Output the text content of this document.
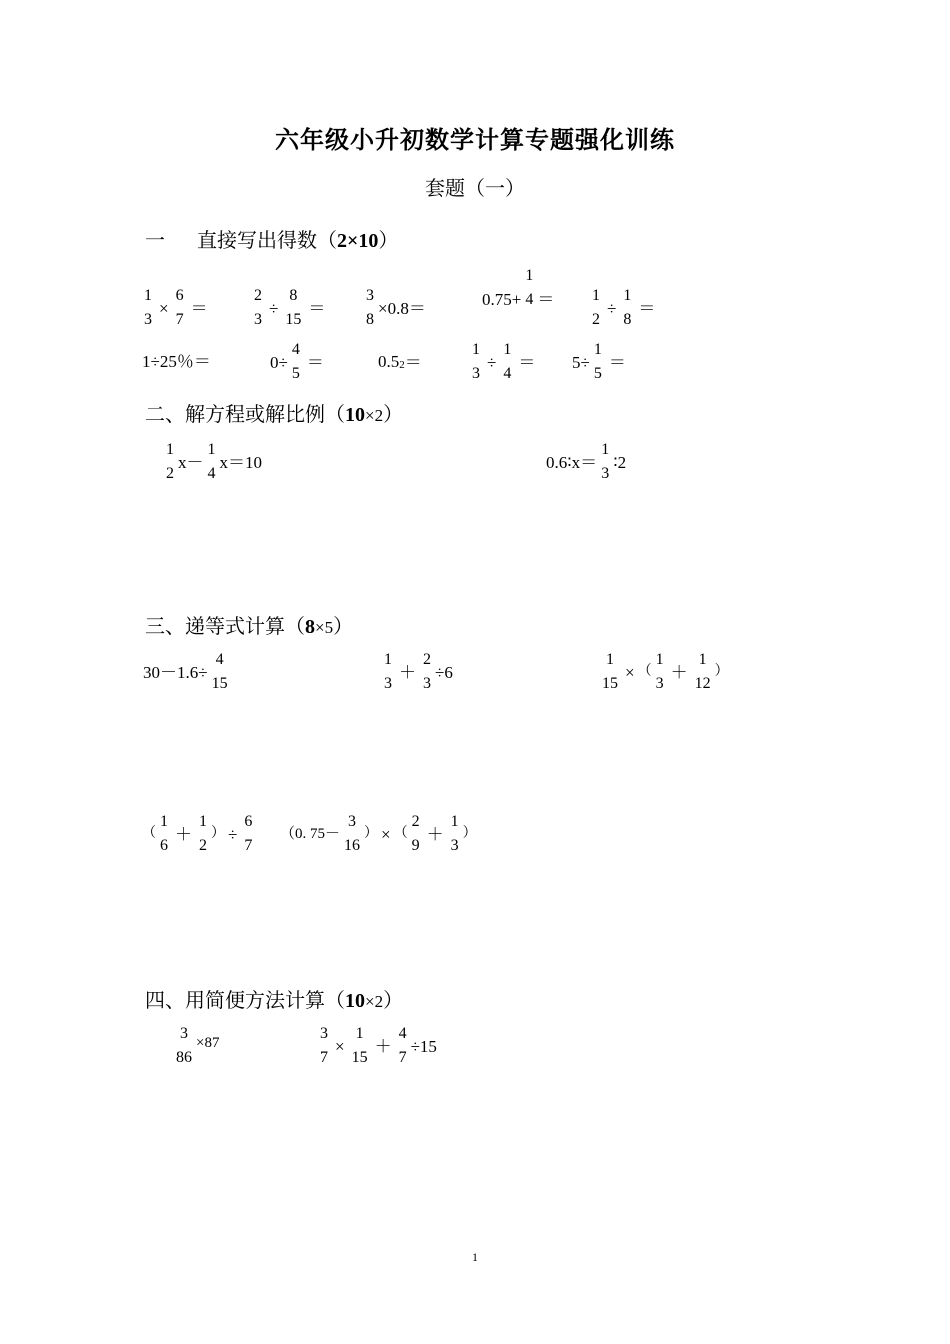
六年级小升初数学计算专题强化训练
套题（一）
一 直接写出得数（2×10）
1
3
×
6
7
＝
2
3
÷
8
15
＝
3
8
×0.8＝	0.75+
1
4 ＝ 1
2
÷
1
8
＝
1÷25％＝	0÷
4
5
＝	0.5 2 ＝
1
3
÷
1
4
＝ 5÷
1
5
＝
二、解方程或解比例（10×2）
1
2
x－
1
4
x＝10	0.6∶x＝
1
3
∶2
三、递等式计算（8×5）
30－1.6÷
4
15
1
3
＋
2
3
÷6
1
15
× （
1
3
＋
1
12
）
（
1
6
＋
1
2
） ÷
6
7
（0. 75－
3
16
） × （
2
9
＋
1
3
）
四、用简便方法计算（10×2）
3
86
×87
3
7
×
1
15
＋
4
7
÷15
1
